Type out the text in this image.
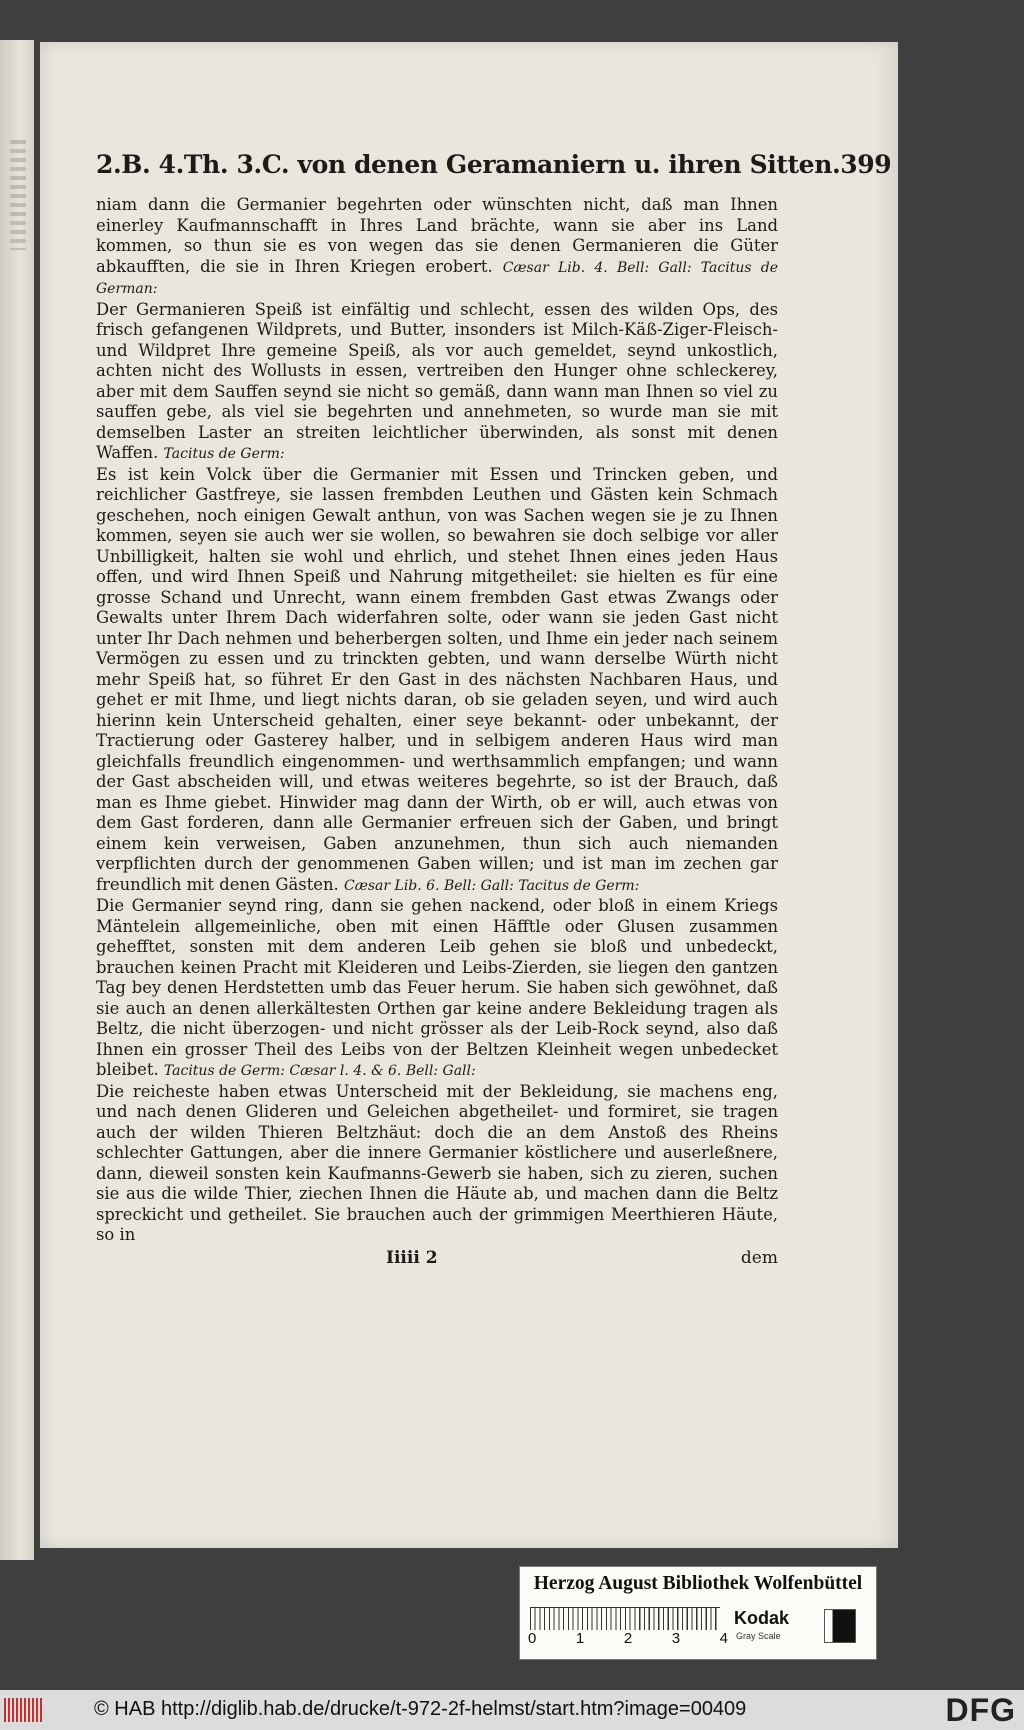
2.B. 4.Th. 3.C. von denen Geramaniern u. ihren Sitten. 399

niam dann die Germanier begehrten oder wünschten nicht, daß man Ihnen einerley Kaufmannschafft in Ihres Land brächte, wann sie aber ins Land kommen, so thun sie es von wegen das sie denen Germanieren die Güter abkaufften, die sie in Ihren Kriegen erobert. Cæsar Lib. 4. Bell: Gall: Tacitus de German:

Der Germanieren Speiß ist einfältig und schlecht, essen des wilden Ops, des frisch gefangenen Wildprets, und Butter, insonders ist Milch-Käß-Ziger-Fleisch-und Wildpret Ihre gemeine Speiß, als vor auch gemeldet, seynd unkostlich, achten nicht des Wollusts in essen, vertreiben den Hunger ohne schleckerey, aber mit dem Sauffen seynd sie nicht so gemäß, dann wann man Ihnen so viel zu sauffen gebe, als viel sie begehrten und annehmeten, so wurde man sie mit demselben Laster an streiten leichtlicher überwinden, als sonst mit denen Waffen. Tacitus de Germ:

Es ist kein Volck über die Germanier mit Essen und Trincken geben, und reichlicher Gastfreye, sie lassen frembden Leuthen und Gästen kein Schmach geschehen, noch einigen Gewalt anthun, von was Sachen wegen sie je zu Ihnen kommen, seyen sie auch wer sie wollen, so bewahren sie doch selbige vor aller Unbilligkeit, halten sie wohl und ehrlich, und stehet Ihnen eines jeden Haus offen, und wird Ihnen Speiß und Nahrung mitgetheilet: sie hielten es für eine grosse Schand und Unrecht, wann einem frembden Gast etwas Zwangs oder Gewalts unter Ihrem Dach widerfahren solte, oder wann sie jeden Gast nicht unter Ihr Dach nehmen und beherbergen solten, und Ihme ein jeder nach seinem Vermögen zu essen und zu trinckten gebten, und wann derselbe Würth nicht mehr Speiß hat, so führet Er den Gast in des nächsten Nachbaren Haus, und gehet er mit Ihme, und liegt nichts daran, ob sie geladen seyen, und wird auch hierinn kein Unterscheid gehalten, einer seye bekannt- oder unbekannt, der Tractierung oder Gasterey halber, und in selbigem anderen Haus wird man gleichfalls freundlich eingenommen- und werthsammlich empfangen; und wann der Gast abscheiden will, und etwas weiteres begehrte, so ist der Brauch, daß man es Ihme giebet. Hinwider mag dann der Wirth, ob er will, auch etwas von dem Gast forderen, dann alle Germanier erfreuen sich der Gaben, und bringt einem kein verweisen, Gaben anzunehmen, thun sich auch niemanden verpflichten durch der genommenen Gaben willen; und ist man im zechen gar freundlich mit denen Gästen. Cæsar Lib. 6. Bell: Gall: Tacitus de Germ:

Die Germanier seynd ring, dann sie gehen nackend, oder bloß in einem Kriegs Mäntelein allgemeinliche, oben mit einen Häfftle oder Glusen zusammen gehefftet, sonsten mit dem anderen Leib gehen sie bloß und unbedeckt, brauchen keinen Pracht mit Kleideren und Leibs-Zierden, sie liegen den gantzen Tag bey denen Herdstetten umb das Feuer herum. Sie haben sich gewöhnet, daß sie auch an denen allerkältesten Orthen gar keine andere Bekleidung tragen als Beltz, die nicht überzogen- und nicht grösser als der Leib-Rock seynd, also daß Ihnen ein grosser Theil des Leibs von der Beltzen Kleinheit wegen unbedecket bleibet. Tacitus de Germ: Cæsar l. 4. & 6. Bell: Gall:

Die reicheste haben etwas Unterscheid mit der Bekleidung, sie machens eng, und nach denen Glideren und Geleichen abgetheilet- und formiret, sie tragen auch der wilden Thieren Beltzhäut: doch die an dem Anstoß des Rheins schlechter Gattungen, aber die innere Germanier köstlichere und auserleßnere, dann, dieweil sonsten kein Kaufmanns-Gewerb sie haben, sich zu zieren, suchen sie aus die wilde Thier, ziechen Ihnen die Häute ab, und machen dann die Beltz spreckicht und getheilet. Sie brauchen auch der grimmigen Meerthieren Häute, so in

Iiiii 2	dem
Herzog August Bibliothek Wolfenbüttel
0	1	2	3	4
Kodak
Gray Scale
© HAB http://diglib.hab.de/drucke/t-972-2f-helmst/start.htm?image=00409	DFG
